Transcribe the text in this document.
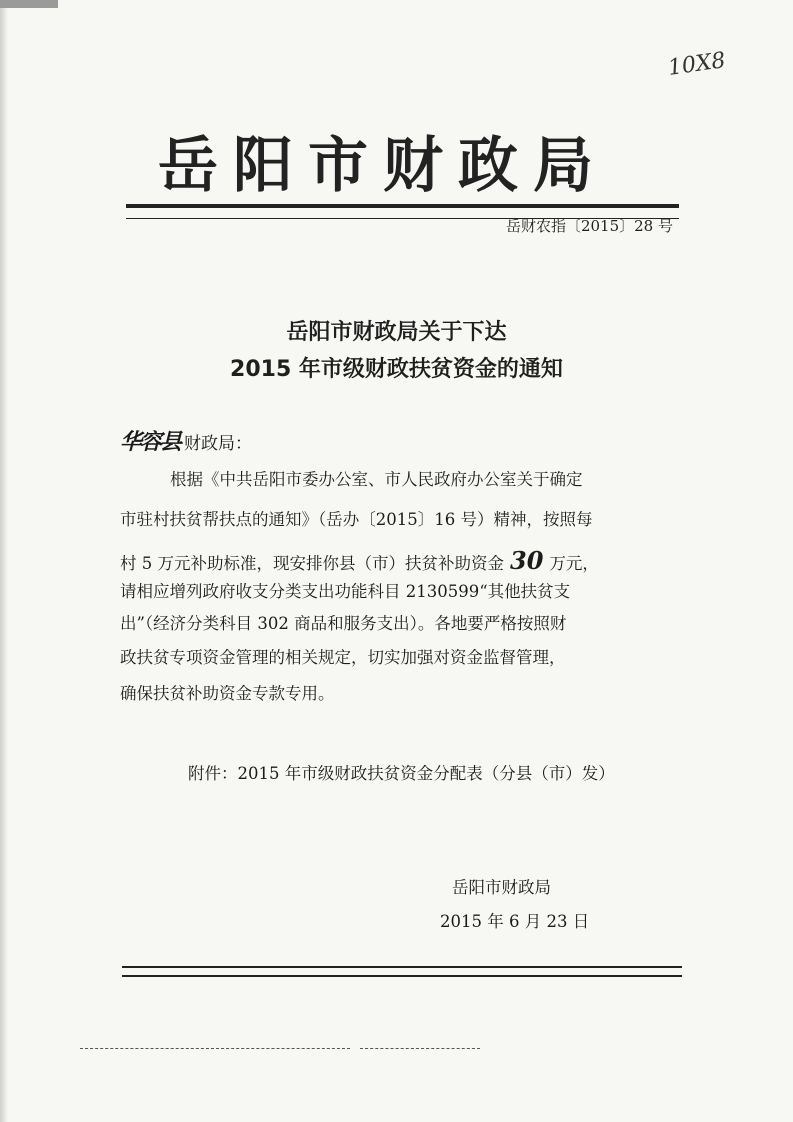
10X8
岳阳市财政局
岳财农指〔2015〕28 号
岳阳市财政局关于下达
2015 年市级财政扶贫资金的通知
华容县 财政局：
根据《中共岳阳市委办公室、市人民政府办公室关于确定
市驻村扶贫帮扶点的通知》（岳办〔2015〕16 号）精神，按照每
村 5 万元补助标准，现安排你县（市）扶贫补助资金 30 万元，
请相应增列政府收支分类支出功能科目 2130599“其他扶贫支
出”（经济分类科目 302 商品和服务支出）。各地要严格按照财
政扶贫专项资金管理的相关规定，切实加强对资金监督管理，
确保扶贫补助资金专款专用。
附件：2015 年市级财政扶贫资金分配表（分县（市）发）
岳阳市财政局
2015 年 6 月 23 日
